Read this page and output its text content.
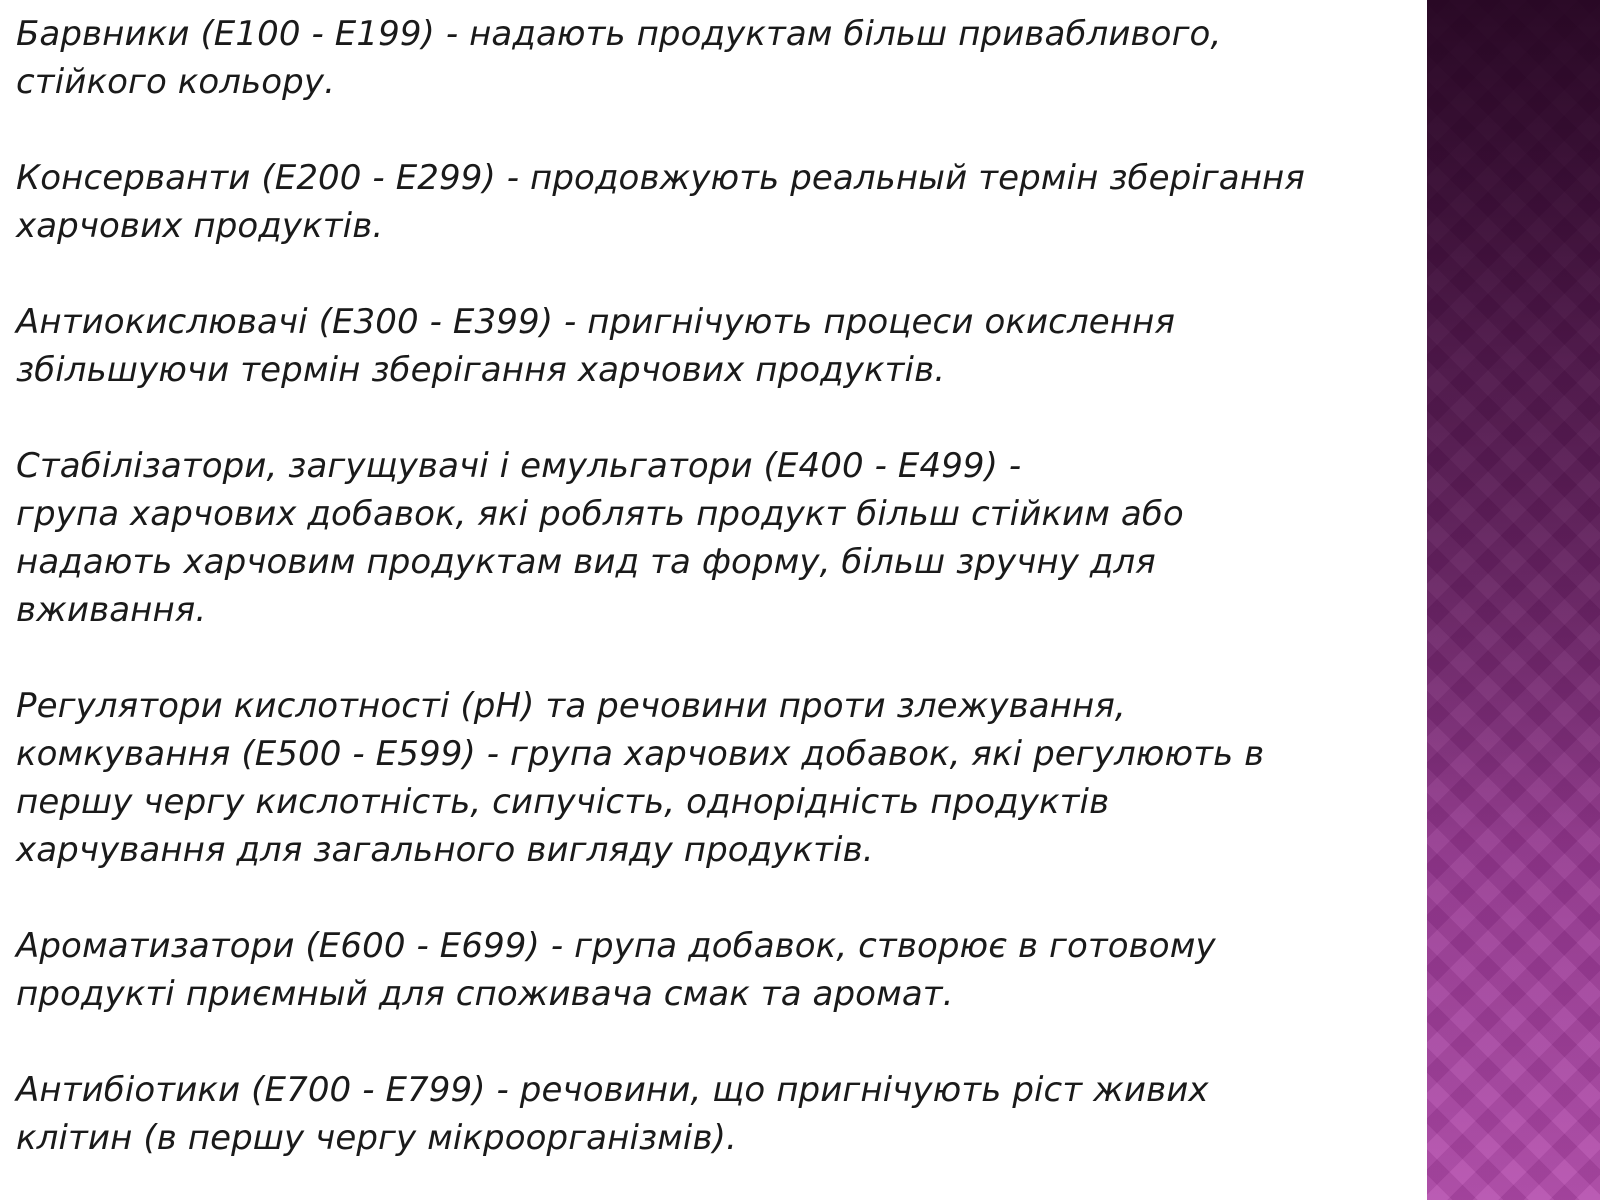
Барвники (Е100 - Е199) - надають продуктам більш привабливого,
стійкого кольору.

Консерванти (Е200 - Е299) - продовжують реальный термін зберігання
харчових продуктів.

Антиокислювачі (Е300 - Е399) - пригнічують процеси окислення
збільшуючи термін зберігання харчових продуктів.

Стабілізатори, загущувачі і емульгатори (Е400 - Е499) -
група харчових добавок, які роблять продукт більш стійким або
надають харчовим продуктам вид та форму, більш зручну для
вживання.

Регулятори кислотності (pH) та речовини проти злежування,
комкування (Е500 - Е599) - група харчових добавок, які регулюють в
першу чергу кислотність, сипучість, однорідність продуктів
харчування для загального вигляду продуктів.

Ароматизатори (Е600 - Е699) - група добавок, створює в готовому
продукті приємный для споживача смак та аромат.

Антибіотики (Е700 - Е799) - речовини, що пригнічують ріст живих
клітин (в першу чергу мікроорганізмів).
